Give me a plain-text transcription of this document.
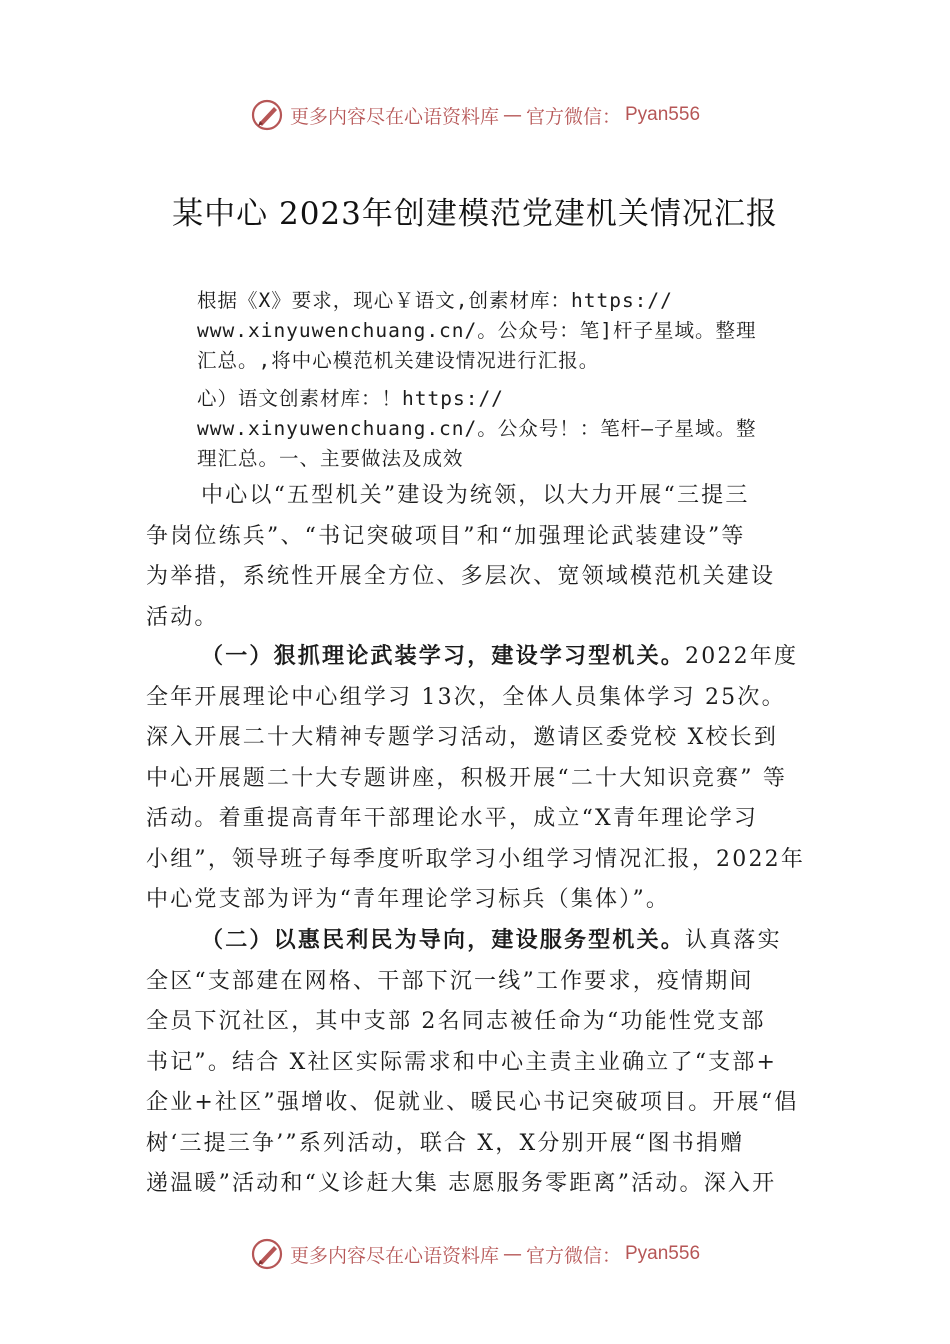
更多内容尽在心语资料库 — 官方微信： Pyan556
某中心 2023年创建模范党建机关情况汇报

根据《X》要求，现心￥语文,创素材库：https://
www.xinyuwenchuang.cn/。公众号：笔]杆子星域。整理
汇总。,将中心模范机关建设情况进行汇报。

心）语文创素材库：！https://
www.xinyuwenchuang.cn/。公众号！：笔杆—子星域。整
理汇总。一、主要做法及成效

中心以“五型机关”建设为统领，以大力开展“三提三
争岗位练兵”、“书记突破项目”和“加强理论武装建设”等
为举措，系统性开展全方位、多层次、宽领域模范机关建设
活动。

（一）狠抓理论武装学习，建设学习型机关。2022年度
全年开展理论中心组学习 13次，全体人员集体学习 25次。
深入开展二十大精神专题学习活动，邀请区委党校 X校长到
中心开展题二十大专题讲座，积极开展“二十大知识竞赛” 等
活动。着重提高青年干部理论水平，成立“X青年理论学习
小组”，领导班子每季度听取学习小组学习情况汇报，2022年
中心党支部为评为“青年理论学习标兵（集体）”。

（二）以惠民利民为导向，建设服务型机关。认真落实
全区“支部建在网格、干部下沉一线”工作要求，疫情期间
全员下沉社区，其中支部 2名同志被任命为“功能性党支部
书记”。结合 X社区实际需求和中心主责主业确立了“支部+
企业+社区”强增收、促就业、暖民心书记突破项目。开展“倡
树‘三提三争’”系列活动，联合 X，X分别开展“图书捐赠
递温暖”活动和“义诊赶大集 志愿服务零距离”活动。深入开

更多内容尽在心语资料库 — 官方微信： Pyan556
